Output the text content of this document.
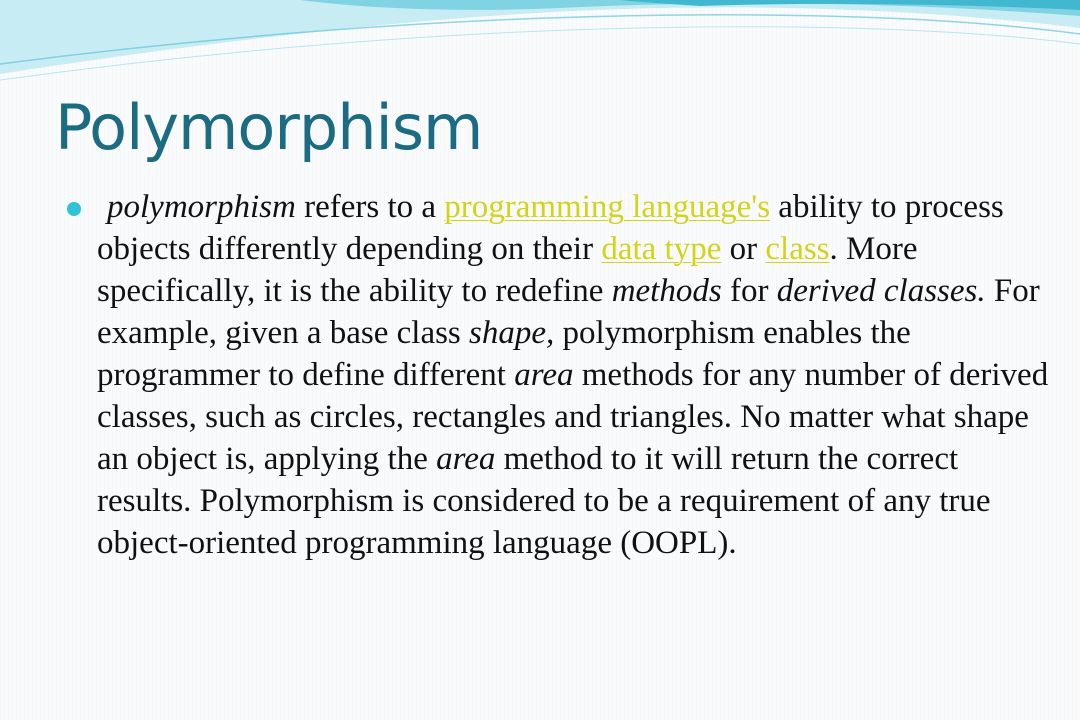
Polymorphism

polymorphism refers to a programming language's ability to process objects differently depending on their data type or class. More specifically, it is the ability to redefine methods for derived classes. For example, given a base class shape, polymorphism enables the programmer to define different area methods for any number of derived classes, such as circles, rectangles and triangles. No matter what shape an object is, applying the area method to it will return the correct results. Polymorphism is considered to be a requirement of any true object-oriented programming language (OOPL).
